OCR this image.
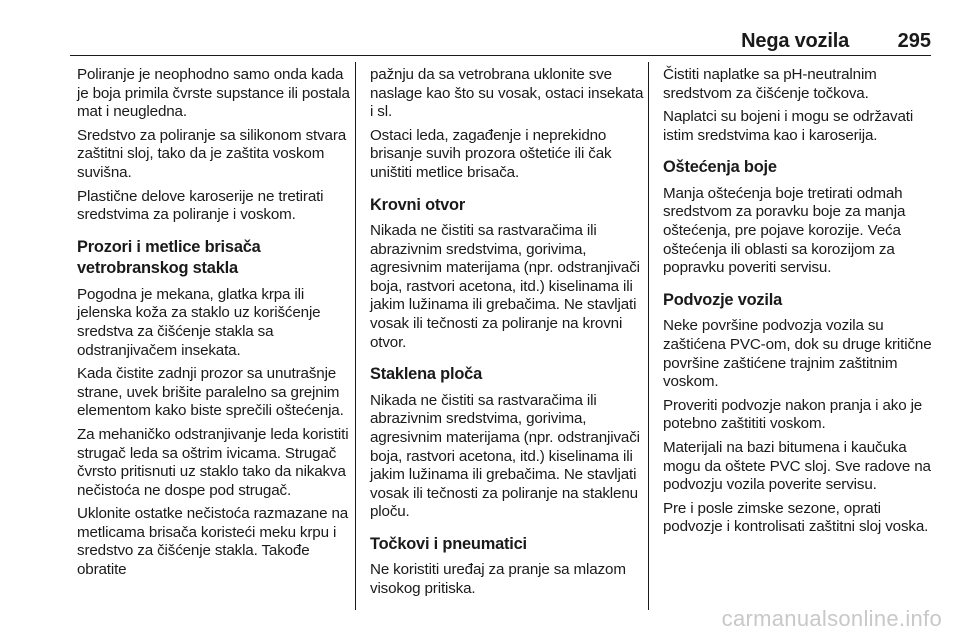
Nega vozila 295

Poliranje je neophodno samo onda kada je boja primila čvrste supstance ili postala mat i neugledna.

Sredstvo za poliranje sa silikonom stvara zaštitni sloj, tako da je zaštita voskom suvišna.

Plastične delove karoserije ne tretirati sredstvima za poliranje i voskom.

Prozori i metlice brisača vetrobranskog stakla

Pogodna je mekana, glatka krpa ili jelenska koža za staklo uz korišćenje sredstva za čišćenje stakla sa odstranjivačem insekata.

Kada čistite zadnji prozor sa unutrašnje strane, uvek brišite paralelno sa grejnim elementom kako biste sprečili oštećenja.

Za mehaničko odstranjivanje leda koristiti strugač leda sa oštrim ivicama. Strugač čvrsto pritisnuti uz staklo tako da nikakva nečistoća ne dospe pod strugač.

Uklonite ostatke nečistoća razmazane na metlicama brisača koristeći meku krpu i sredstvo za čišćenje stakla. Takođe obratite

pažnju da sa vetrobrana uklonite sve naslage kao što su vosak, ostaci insekata i sl.

Ostaci leda, zagađenje i neprekidno brisanje suvih prozora oštetiće ili čak uništiti metlice brisača.

Krovni otvor

Nikada ne čistiti sa rastvaračima ili abrazivnim sredstvima, gorivima, agresivnim materijama (npr. odstranjivači boja, rastvori acetona, itd.) kiselinama ili jakim lužinama ili grebačima. Ne stavljati vosak ili tečnosti za poliranje na krovni otvor.

Staklena ploča

Nikada ne čistiti sa rastvaračima ili abrazivnim sredstvima, gorivima, agresivnim materijama (npr. odstranjivači boja, rastvori acetona, itd.) kiselinama ili jakim lužinama ili grebačima. Ne stavljati vosak ili tečnosti za poliranje na staklenu ploču.

Točkovi i pneumatici

Ne koristiti uređaj za pranje sa mlazom visokog pritiska.

Čistiti naplatke sa pH-neutralnim sredstvom za čišćenje točkova.

Naplatci su bojeni i mogu se održavati istim sredstvima kao i karoserija.

Oštećenja boje

Manja oštećenja boje tretirati odmah sredstvom za poravku boje za manja oštećenja, pre pojave korozije. Veća oštećenja ili oblasti sa korozijom za popravku poveriti servisu.

Podvozje vozila

Neke površine podvozja vozila su zaštićena PVC-om, dok su druge kritične površine zaštićene trajnim zaštitnim voskom.

Proveriti podvozje nakon pranja i ako je potebno zaštititi voskom.

Materijali na bazi bitumena i kaučuka mogu da oštete PVC sloj. Sve radove na podvozju vozila poverite servisu.

Pre i posle zimske sezone, oprati podvozje i kontrolisati zaštitni sloj voska.

carmanualsonline.info
